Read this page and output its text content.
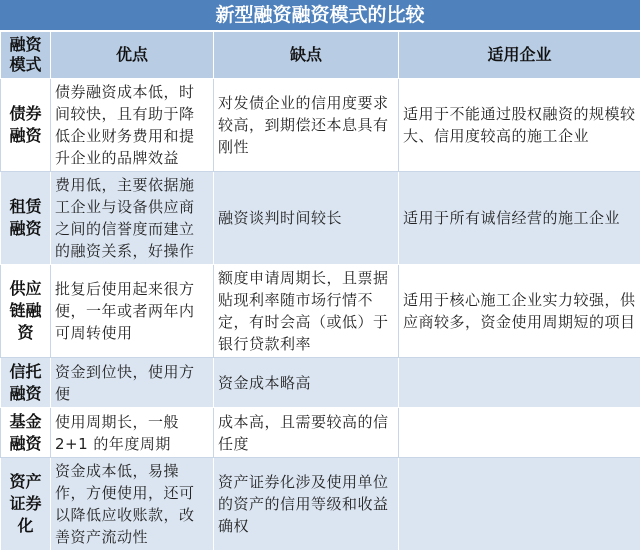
新型融资融资模式的比较
融资模式	优点	缺点	适用企业
债券融资	债券融资成本低，时间较快，且有助于降低企业财务费用和提升企业的品牌效益	对发债企业的信用度要求较高，到期偿还本息具有刚性	适用于不能通过股权融资的规模较大、信用度较高的施工企业
租赁融资	费用低，主要依据施工企业与设备供应商之间的信誉度而建立的融资关系，好操作	融资谈判时间较长	适用于所有诚信经营的施工企业
供应链融资	批复后使用起来很方便，一年或者两年内可周转使用	额度申请周期长，且票据贴现利率随市场行情不定，有时会高（或低）于银行贷款利率	适用于核心施工企业实力较强，供应商较多，资金使用周期短的项目
信托融资	资金到位快，使用方便	资金成本略高	
基金融资	使用周期长，一般2+1 的年度周期	成本高，且需要较高的信任度	
资产证券化	资金成本低，易操作，方便使用，还可以降低应收账款，改善资产流动性	资产证券化涉及使用单位的资产的信用等级和收益确权	
